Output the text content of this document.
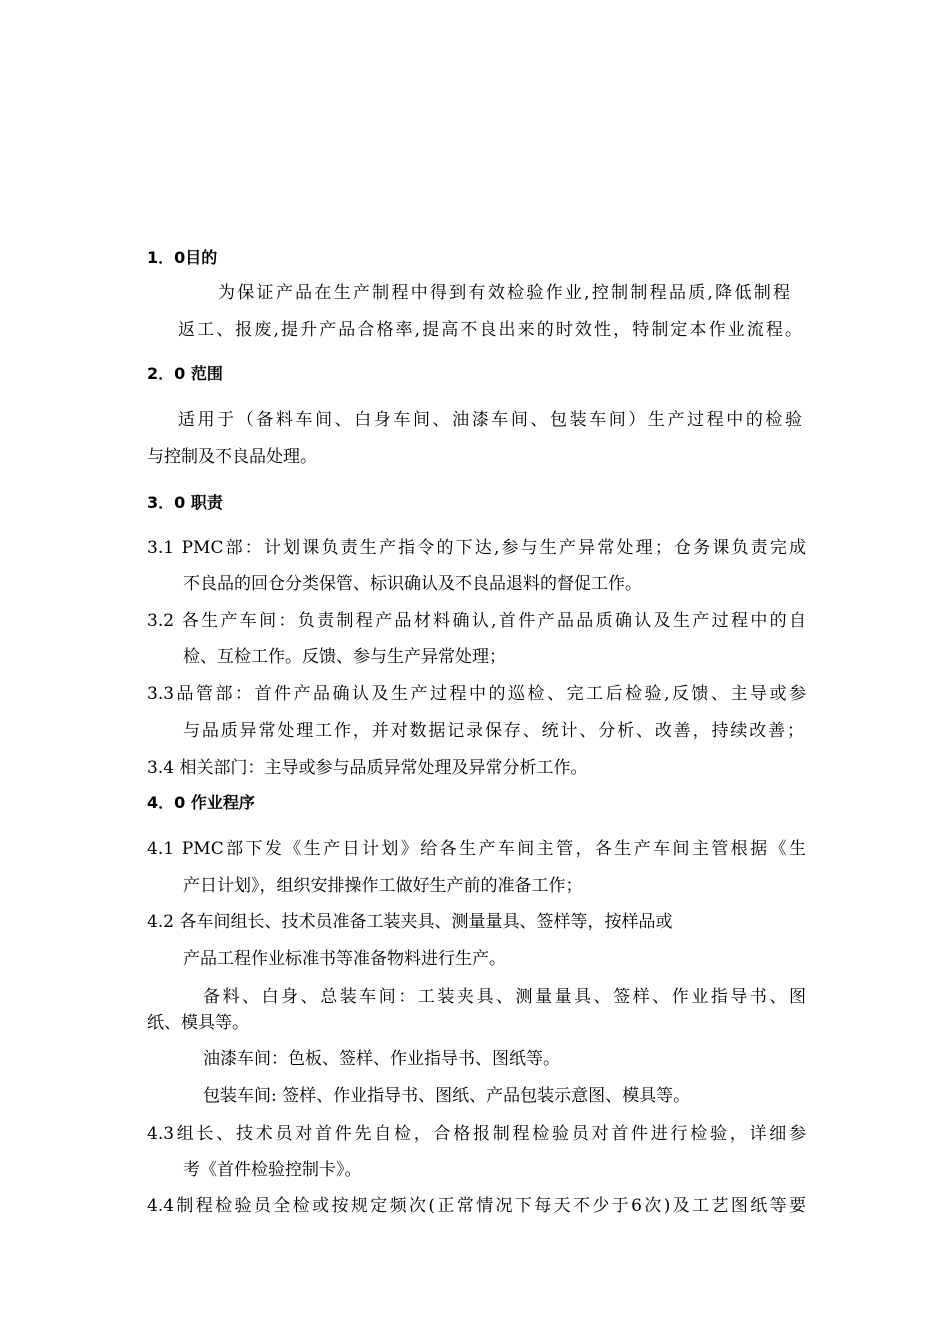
1．0目的
为保证产品在生产制程中得到有效检验作业,控制制程品质,降低制程
返工、报废,提升产品合格率,提高不良出来的时效性，特制定本作业流程。
2．0 范围
适用于（备料车间、白身车间、油漆车间、包装车间）生产过程中的检验
与控制及不良品处理。
3．0 职责
3.1 PMC部：计划课负责生产指令的下达,参与生产异常处理；仓务课负责完成
不良品的回仓分类保管、标识确认及不良品退料的督促工作。
3.2 各生产车间：负责制程产品材料确认,首件产品品质确认及生产过程中的自
检、互检工作。反馈、参与生产异常处理；
3.3品管部：首件产品确认及生产过程中的巡检、完工后检验,反馈、主导或参
与品质异常处理工作，并对数据记录保存、统计、分析、改善，持续改善；
3.4 相关部门：主导或参与品质异常处理及异常分析工作。
4．0 作业程序
4.1 PMC部下发《生产日计划》给各生产车间主管，各生产车间主管根据《生
产日计划》，组织安排操作工做好生产前的准备工作；
4.2 各车间组长、技术员准备工装夹具、测量量具、签样等，按样品或
产品工程作业标准书等准备物料进行生产。
备料、白身、总装车间：工装夹具、测量量具、签样、作业指导书、图
纸、模具等。
油漆车间：色板、签样、作业指导书、图纸等。
包装车间: 签样、作业指导书、图纸、产品包装示意图、模具等。
4.3组长、技术员对首件先自检，合格报制程检验员对首件进行检验，详细参
考《首件检验控制卡》。
4.4制程检验员全检或按规定频次(正常情况下每天不少于6次)及工艺图纸等要
